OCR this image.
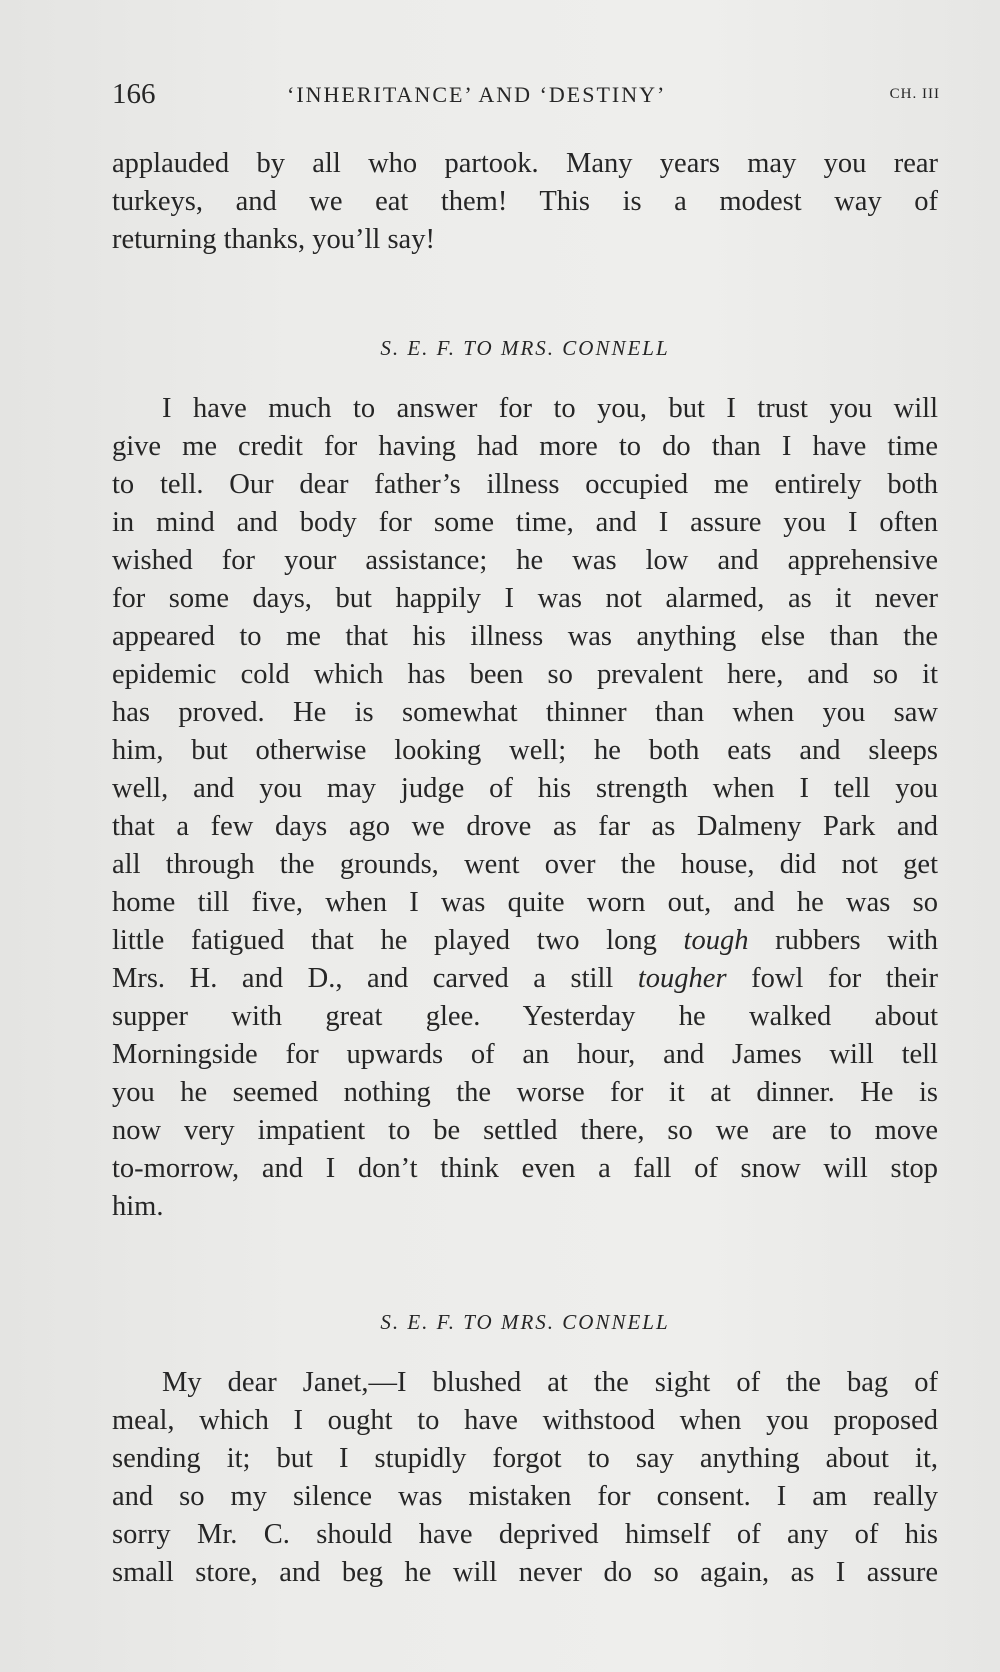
166	‘INHERITANCE’ AND ‘DESTINY’	CH. III
applauded by all who partook. Many years may you rear
turkeys, and we eat them! This is a modest way of
returning thanks, you’ll say!
S. E. F. TO MRS. CONNELL
I have much to answer for to you, but I trust you will
give me credit for having had more to do than I have time
to tell. Our dear father’s illness occupied me entirely both
in mind and body for some time, and I assure you I often
wished for your assistance; he was low and apprehensive
for some days, but happily I was not alarmed, as it never
appeared to me that his illness was anything else than the
epidemic cold which has been so prevalent here, and so it
has proved. He is somewhat thinner than when you saw
him, but otherwise looking well; he both eats and sleeps
well, and you may judge of his strength when I tell you
that a few days ago we drove as far as Dalmeny Park and
all through the grounds, went over the house, did not get
home till five, when I was quite worn out, and he was so
little fatigued that he played two long tough rubbers with
Mrs. H. and D., and carved a still tougher fowl for their
supper with great glee. Yesterday he walked about
Morningside for upwards of an hour, and James will tell
you he seemed nothing the worse for it at dinner. He is
now very impatient to be settled there, so we are to move
to-morrow, and I don’t think even a fall of snow will stop
him.
S. E. F. TO MRS. CONNELL
My dear Janet,—I blushed at the sight of the bag of
meal, which I ought to have withstood when you proposed
sending it; but I stupidly forgot to say anything about it,
and so my silence was mistaken for consent. I am really
sorry Mr. C. should have deprived himself of any of his
small store, and beg he will never do so again, as I assure
